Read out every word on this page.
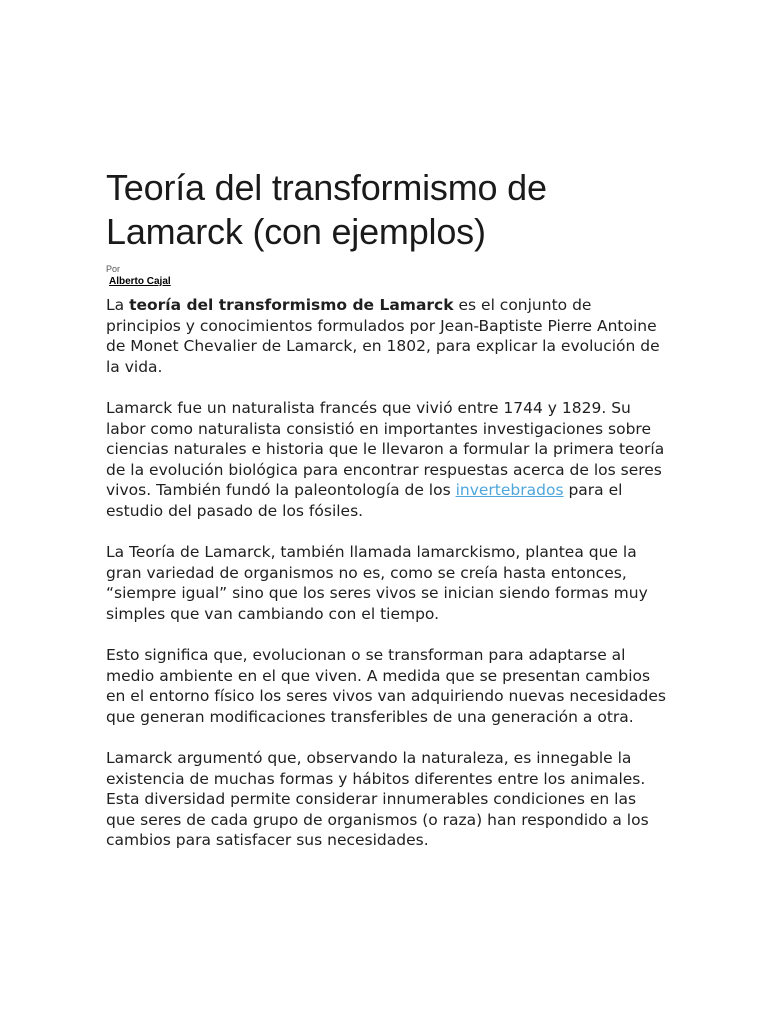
Teoría del transformismo de Lamarck (con ejemplos)
Por
Alberto Cajal

La teoría del transformismo de Lamarck es el conjunto de principios y conocimientos formulados por Jean-Baptiste Pierre Antoine de Monet Chevalier de Lamarck, en 1802, para explicar la evolución de la vida.

Lamarck fue un naturalista francés que vivió entre 1744 y 1829. Su labor como naturalista consistió en importantes investigaciones sobre ciencias naturales e historia que le llevaron a formular la primera teoría de la evolución biológica para encontrar respuestas acerca de los seres vivos. También fundó la paleontología de los invertebrados para el estudio del pasado de los fósiles.

La Teoría de Lamarck, también llamada lamarckismo, plantea que la gran variedad de organismos no es, como se creía hasta entonces, “siempre igual” sino que los seres vivos se inician siendo formas muy simples que van cambiando con el tiempo.

Esto significa que, evolucionan o se transforman para adaptarse al medio ambiente en el que viven. A medida que se presentan cambios en el entorno físico los seres vivos van adquiriendo nuevas necesidades que generan modificaciones transferibles de una generación a otra.

Lamarck argumentó que, observando la naturaleza, es innegable la existencia de muchas formas y hábitos diferentes entre los animales. Esta diversidad permite considerar innumerables condiciones en las que seres de cada grupo de organismos (o raza) han respondido a los cambios para satisfacer sus necesidades.
